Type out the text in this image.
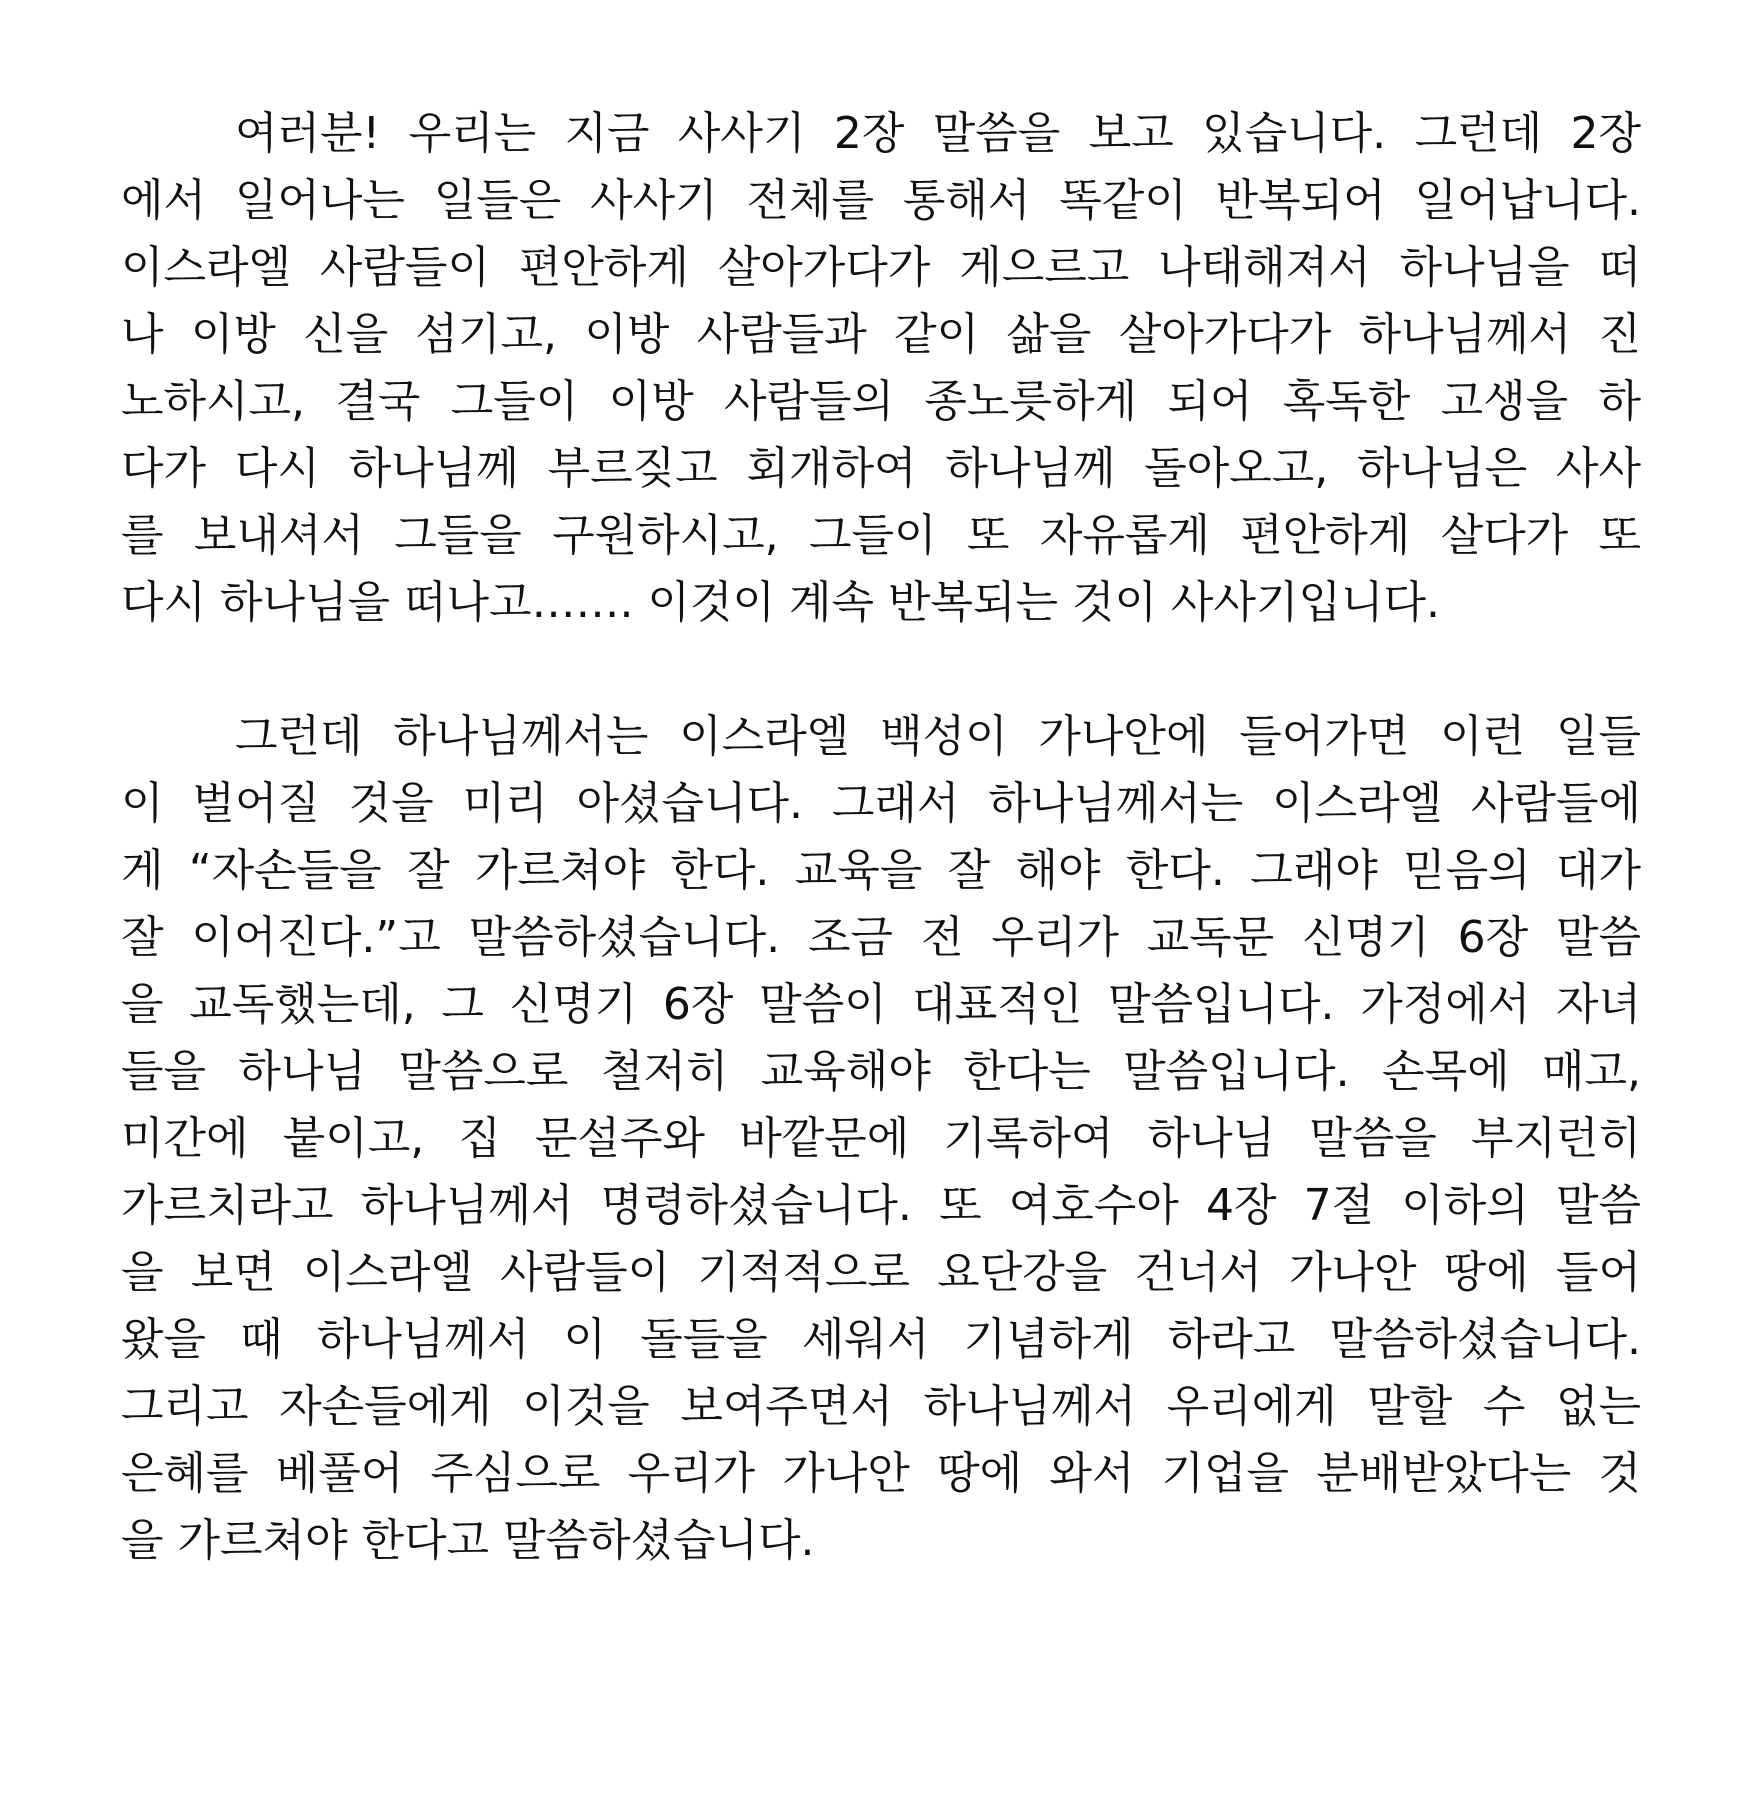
여러분! 우리는 지금 사사기 2장 말씀을 보고 있습니다. 그런데 2장
에서 일어나는 일들은 사사기 전체를 통해서 똑같이 반복되어 일어납니다.
이스라엘 사람들이 편안하게 살아가다가 게으르고 나태해져서 하나님을 떠
나 이방 신을 섬기고, 이방 사람들과 같이 삶을 살아가다가 하나님께서 진
노하시고, 결국 그들이 이방 사람들의 종노릇하게 되어 혹독한 고생을 하
다가 다시 하나님께 부르짖고 회개하여 하나님께 돌아오고, 하나님은 사사
를 보내셔서 그들을 구원하시고, 그들이 또 자유롭게 편안하게 살다가 또
다시 하나님을 떠나고……. 이것이 계속 반복되는 것이 사사기입니다.
그런데 하나님께서는 이스라엘 백성이 가나안에 들어가면 이런 일들
이 벌어질 것을 미리 아셨습니다. 그래서 하나님께서는 이스라엘 사람들에
게 “자손들을 잘 가르쳐야 한다. 교육을 잘 해야 한다. 그래야 믿음의 대가
잘 이어진다.”고 말씀하셨습니다. 조금 전 우리가 교독문 신명기 6장 말씀
을 교독했는데, 그 신명기 6장 말씀이 대표적인 말씀입니다. 가정에서 자녀
들을 하나님 말씀으로 철저히 교육해야 한다는 말씀입니다. 손목에 매고,
미간에 붙이고, 집 문설주와 바깥문에 기록하여 하나님 말씀을 부지런히
가르치라고 하나님께서 명령하셨습니다. 또 여호수아 4장 7절 이하의 말씀
을 보면 이스라엘 사람들이 기적적으로 요단강을 건너서 가나안 땅에 들어
왔을 때 하나님께서 이 돌들을 세워서 기념하게 하라고 말씀하셨습니다.
그리고 자손들에게 이것을 보여주면서 하나님께서 우리에게 말할 수 없는
은혜를 베풀어 주심으로 우리가 가나안 땅에 와서 기업을 분배받았다는 것
을 가르쳐야 한다고 말씀하셨습니다.
